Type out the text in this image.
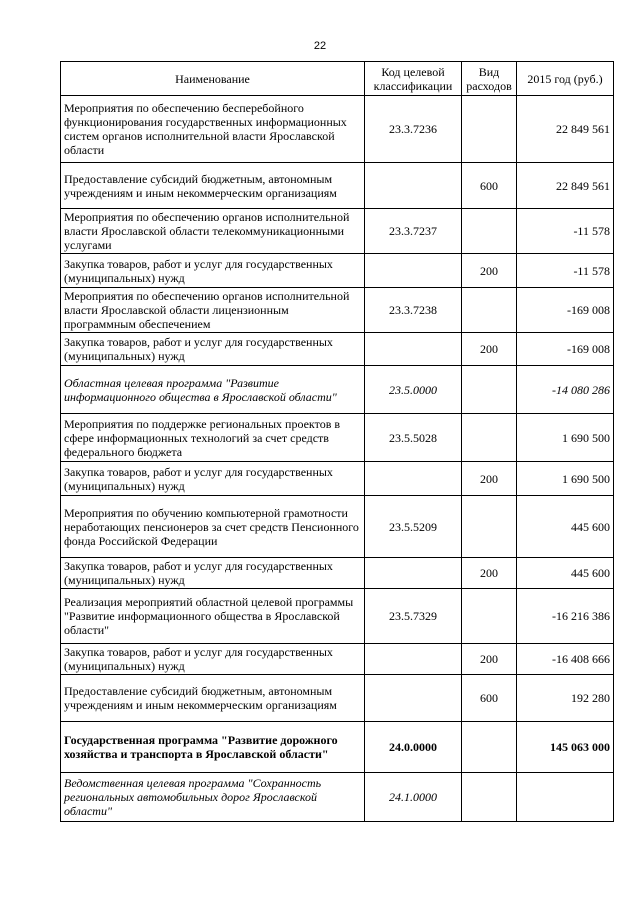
22
Наименование	Код целевой классификации	Вид расходов	2015 год (руб.)
Мероприятия по обеспечению бесперебойного функционирования государственных информационных систем органов исполнительной власти Ярославской области	23.3.7236		22 849 561
Предоставление субсидий бюджетным, автономным учреждениям и иным некоммерческим организациям		600	22 849 561
Мероприятия по обеспечению органов исполнительной власти Ярославской области телекоммуникационными услугами	23.3.7237		-11 578
Закупка товаров, работ и услуг для государственных (муниципальных) нужд		200	-11 578
Мероприятия по обеспечению органов исполнительной власти Ярославской области лицензионным программным обеспечением	23.3.7238		-169 008
Закупка товаров, работ и услуг для государственных (муниципальных) нужд		200	-169 008
Областная целевая программа "Развитие информационного общества в Ярославской области"	23.5.0000		-14 080 286
Мероприятия по поддержке региональных проектов в сфере информационных технологий за счет средств федерального бюджета	23.5.5028		1 690 500
Закупка товаров, работ и услуг для государственных (муниципальных) нужд		200	1 690 500
Мероприятия по обучению компьютерной грамотности неработающих пенсионеров за счет средств Пенсионного фонда Российской Федерации	23.5.5209		445 600
Закупка товаров, работ и услуг для государственных (муниципальных) нужд		200	445 600
Реализация мероприятий областной целевой программы "Развитие информационного общества в Ярославской области"	23.5.7329		-16 216 386
Закупка товаров, работ и услуг для государственных (муниципальных) нужд		200	-16 408 666
Предоставление субсидий бюджетным, автономным учреждениям и иным некоммерческим организациям		600	192 280
Государственная программа "Развитие дорожного хозяйства и транспорта в Ярославской области"	24.0.0000		145 063 000
Ведомственная целевая программа "Сохранность региональных автомобильных дорог Ярославской области"	24.1.0000		
